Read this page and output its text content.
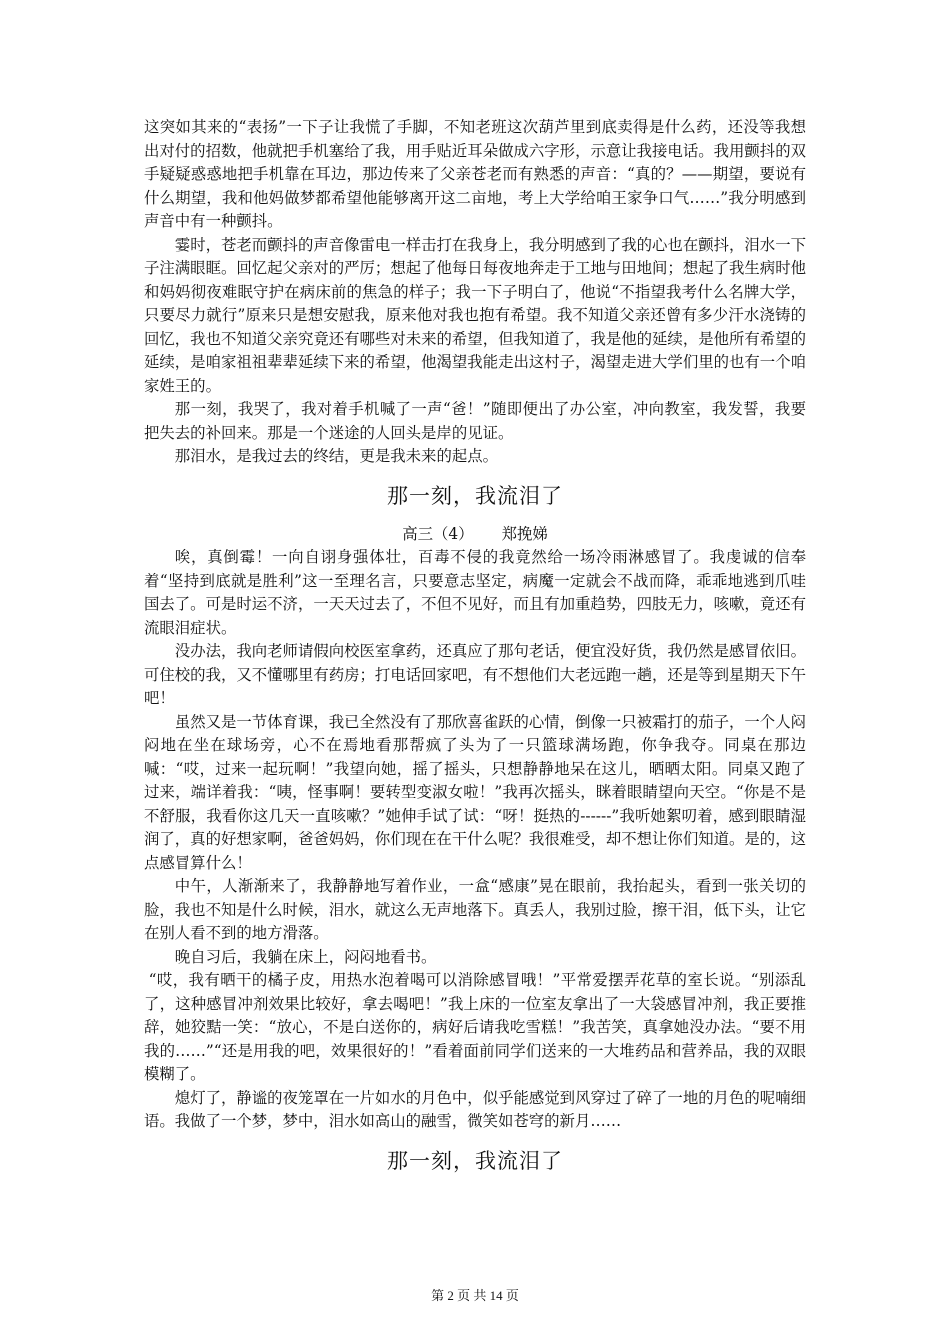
这突如其来的“表扬”一下子让我慌了手脚，不知老班这次葫芦里到底卖得是什么药，还没等我想出对付的招数，他就把手机塞给了我，用手贴近耳朵做成六字形，示意让我接电话。我用颤抖的双手疑疑惑惑地把手机靠在耳边，那边传来了父亲苍老而有熟悉的声音：“真的？——期望，要说有什么期望，我和他妈做梦都希望他能够离开这二亩地，考上大学给咱王家争口气……”我分明感到声音中有一种颤抖。

霎时，苍老而颤抖的声音像雷电一样击打在我身上，我分明感到了我的心也在颤抖，泪水一下子注满眼眶。回忆起父亲对的严厉；想起了他每日每夜地奔走于工地与田地间；想起了我生病时他和妈妈彻夜难眠守护在病床前的焦急的样子；我一下子明白了，他说“不指望我考什么名牌大学，只要尽力就行”原来只是想安慰我，原来他对我也抱有希望。我不知道父亲还曾有多少汗水浇铸的回忆，我也不知道父亲究竟还有哪些对未来的希望，但我知道了，我是他的延续，是他所有希望的延续，是咱家祖祖辈辈延续下来的希望，他渴望我能走出这村子，渴望走进大学们里的也有一个咱家姓王的。

那一刻，我哭了，我对着手机喊了一声“爸！”随即便出了办公室，冲向教室，我发誓，我要把失去的补回来。那是一个迷途的人回头是岸的见证。

那泪水，是我过去的终结，更是我未来的起点。

那一刻，我流泪了

高三（4） 郑挽娣

唉，真倒霉！一向自诩身强体壮，百毒不侵的我竟然给一场冷雨淋感冒了。我虔诚的信奉着“坚持到底就是胜利”这一至理名言，只要意志坚定，病魔一定就会不战而降，乖乖地逃到爪哇国去了。可是时运不济，一天天过去了，不但不见好，而且有加重趋势，四肢无力，咳嗽，竟还有流眼泪症状。

没办法，我向老师请假向校医室拿药，还真应了那句老话，便宜没好货，我仍然是感冒依旧。可住校的我，又不懂哪里有药房；打电话回家吧，有不想他们大老远跑一趟，还是等到星期天下午吧！

虽然又是一节体育课，我已全然没有了那欣喜雀跃的心情，倒像一只被霜打的茄子，一个人闷闷地在坐在球场旁，心不在焉地看那帮疯了头为了一只篮球满场跑，你争我夺。同桌在那边喊：“哎，过来一起玩啊！”我望向她，摇了摇头，只想静静地呆在这儿，晒晒太阳。同桌又跑了过来，端详着我：“咦，怪事啊！要转型变淑女啦！”我再次摇头，眯着眼睛望向天空。“你是不是不舒服，我看你这几天一直咳嗽？”她伸手试了试：“呀！挺热的------”我听她絮叨着，感到眼睛湿润了，真的好想家啊，爸爸妈妈，你们现在在干什么呢？我很难受，却不想让你们知道。是的，这点感冒算什么！

中午，人渐渐来了，我静静地写着作业，一盒“感康”晃在眼前，我抬起头，看到一张关切的脸，我也不知是什么时候，泪水，就这么无声地落下。真丢人，我别过脸，擦干泪，低下头，让它在别人看不到的地方滑落。

晚自习后，我躺在床上，闷闷地看书。

“哎，我有晒干的橘子皮，用热水泡着喝可以消除感冒哦！”平常爱摆弄花草的室长说。“别添乱了，这种感冒冲剂效果比较好，拿去喝吧！”我上床的一位室友拿出了一大袋感冒冲剂，我正要推辞，她狡黠一笑：“放心，不是白送你的，病好后请我吃雪糕！”我苦笑，真拿她没办法。“要不用我的……”“还是用我的吧，效果很好的！”看着面前同学们送来的一大堆药品和营养品，我的双眼模糊了。

熄灯了，静谧的夜笼罩在一片如水的月色中，似乎能感觉到风穿过了碎了一地的月色的呢喃细语。我做了一个梦，梦中，泪水如高山的融雪，微笑如苍穹的新月……

那一刻，我流泪了
第 2 页 共 14 页
